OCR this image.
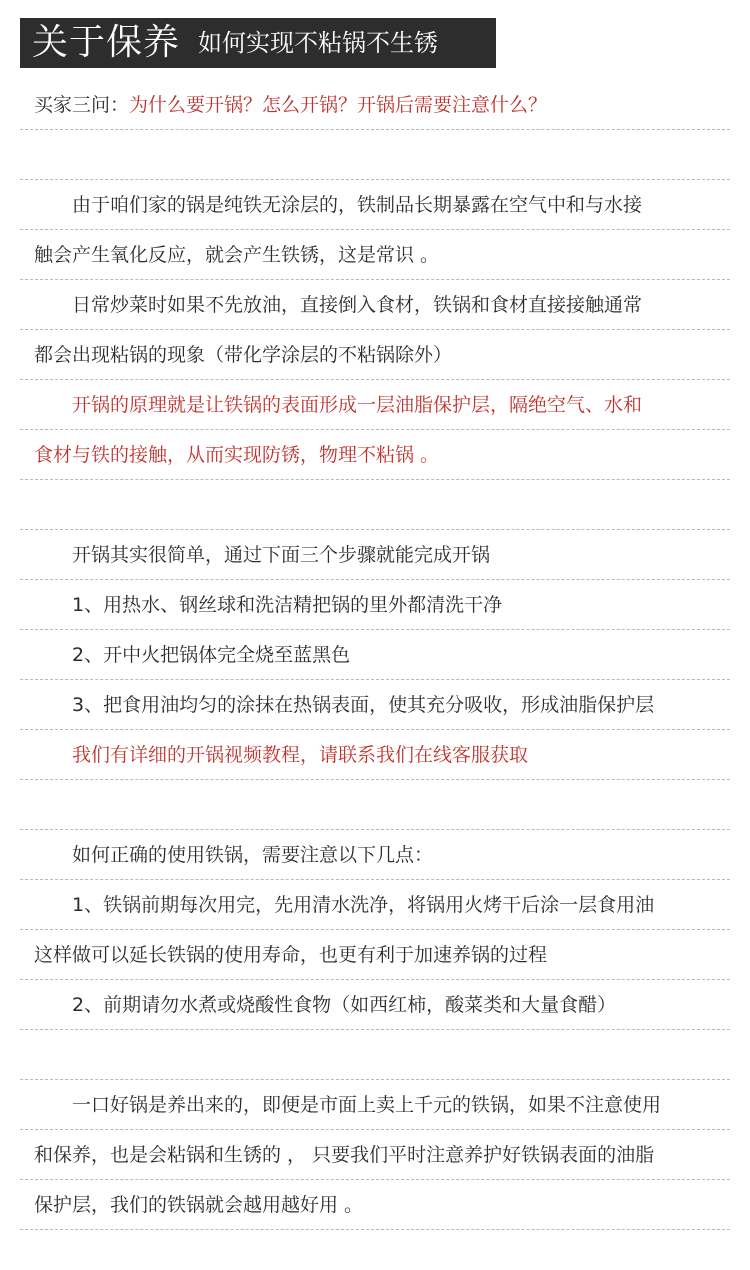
关于保养 如何实现不粘锅不生锈
买家三问：为什么要开锅？怎么开锅？开锅后需要注意什么？
由于咱们家的锅是纯铁无涂层的，铁制品长期暴露在空气中和与水接
触会产生氧化反应，就会产生铁锈，这是常识 。
日常炒菜时如果不先放油，直接倒入食材，铁锅和食材直接接触通常
都会出现粘锅的现象（带化学涂层的不粘锅除外）
开锅的原理就是让铁锅的表面形成一层油脂保护层，隔绝空气、水和
食材与铁的接触，从而实现防锈，物理不粘锅 。
开锅其实很简单，通过下面三个步骤就能完成开锅
1、用热水、钢丝球和洗洁精把锅的里外都清洗干净
2、开中火把锅体完全烧至蓝黑色
3、把食用油均匀的涂抹在热锅表面，使其充分吸收，形成油脂保护层
我们有详细的开锅视频教程，请联系我们在线客服获取
如何正确的使用铁锅，需要注意以下几点：
1、铁锅前期每次用完，先用清水洗净，将锅用火烤干后涂一层食用油
这样做可以延长铁锅的使用寿命，也更有利于加速养锅的过程
2、前期请勿水煮或烧酸性食物（如西红柿，酸菜类和大量食醋）
一口好锅是养出来的，即便是市面上卖上千元的铁锅，如果不注意使用
和保养，也是会粘锅和生锈的 ， 只要我们平时注意养护好铁锅表面的油脂
保护层，我们的铁锅就会越用越好用 。
